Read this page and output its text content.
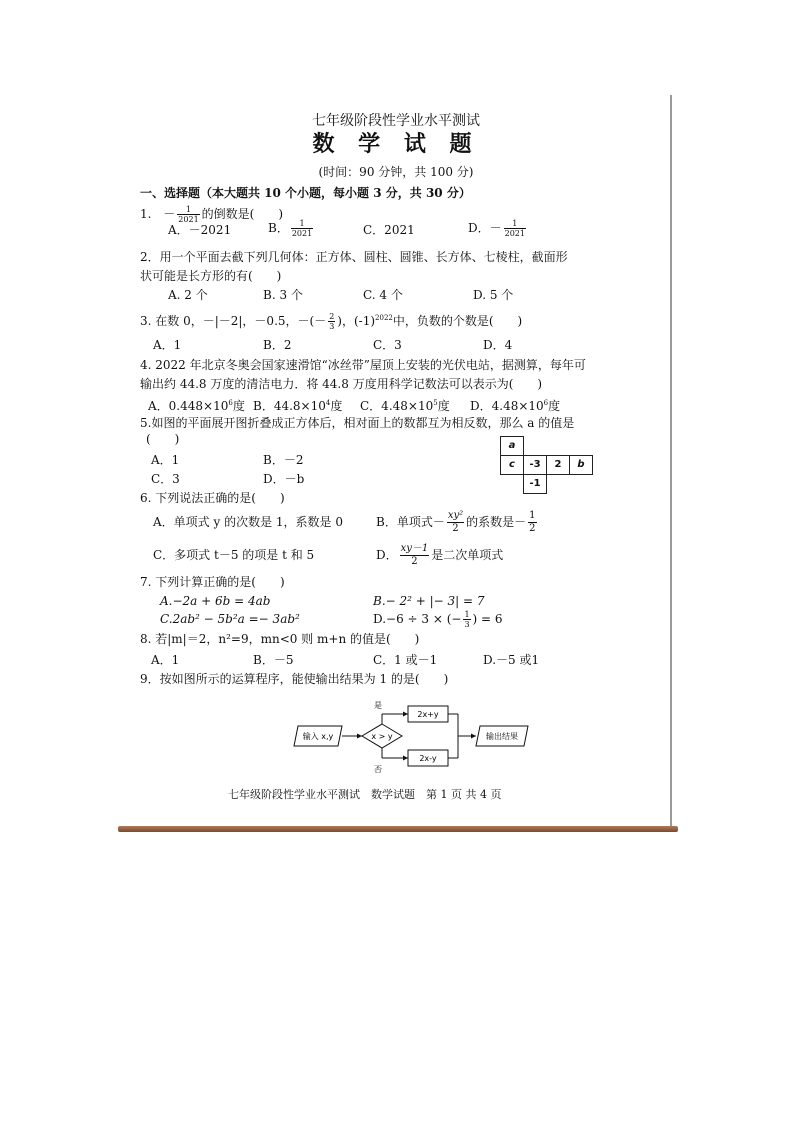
七年级阶段性学业水平测试
数 学 试 题
(时间：90 分钟，共 100 分)
一、选择题（本大题共 10 个小题，每小题 3 分，共 30 分）
1. － $\frac{1}{2021}$ 的倒数是(　　)
A．－2021	B． $\frac{1}{2021}$	C．2021	D．－ $\frac{1}{2021}$
2．用一个平面去截下列几何体：正方体、圆柱、圆锥、长方体、七棱柱，截面形
状可能是长方形的有(　　)
A. 2 个	B. 3 个	C. 4 个	D. 5 个
3. 在数 0，－|－2|，－0.5，－(－ $\frac{2}{3}$ )，$(-1)^{2022}$中，负数的个数是(　　)
A．1	B．2	C．3	D．4
4. 2022 年北京冬奥会国家速滑馆“冰丝带”屋顶上安装的光伏电站，据测算，每年可
输出约 44.8 万度的清洁电力．将 44.8 万度用科学记数法可以表示为(　　)
A．$0.448\times 10^6$度 B．$44.8\times 10^4$度 C．$4.48\times 10^5$度 D．$4.48\times 10^6$度
5.如图的平面展开图折叠成正方体后，相对面上的数都互为相反数，那么 a 的值是
(　　)
A．1	B．－2
C．3	D．－b
a
c	-3	2	b
-1
6. 下列说法正确的是(　　)
A．单项式 y 的次数是 1，系数是 0	B．单项式－ $\frac{\text{xy²}}{2}$ 的系数是－ $\frac{1}{2}$
C．多项式 t－5 的项是 t 和 5	D． $\frac{xy-1}{2}$ 是二次单项式
7. 下列计算正确的是(　　)
A.−2a + 6b = 4ab	B.− 2² + |− 3| = 7
C.2ab² − 5b²a =− 3ab²	D.−6 ÷ 3 × (− $\frac{1}{3}$ ) = 6
8. 若|m|＝2，n²=9，mn<0 则 m+n 的值是(　　)
A．1	B．－5	C．1 或－1	D.－5 或1
9．按如图所示的运算程序，能使输出结果为 1 的是(　　)
输入 x,y	x > y
是
否
2x+y
2x-y
输出结果
七年级阶段性学业水平测试　数学试题　第 1 页 共 4 页
